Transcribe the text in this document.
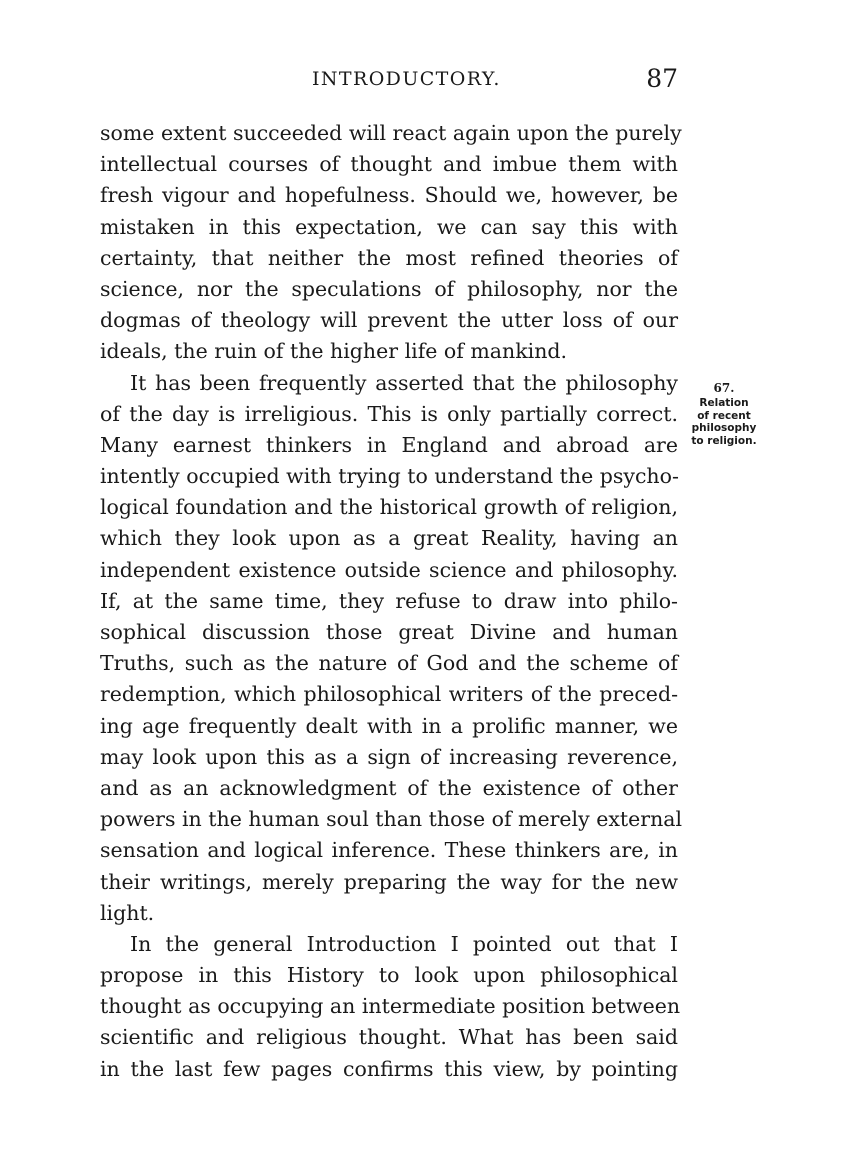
INTRODUCTORY.	87
some extent succeeded will react again upon the purely
intellectual courses of thought and imbue them with
fresh vigour and hopefulness. Should we, however, be
mistaken in this expectation, we can say this with
certainty, that neither the most refined theories of
science, nor the speculations of philosophy, nor the
dogmas of theology will prevent the utter loss of our
ideals, the ruin of the higher life of mankind.
It has been frequently asserted that the philosophy
of the day is irreligious. This is only partially correct.
Many earnest thinkers in England and abroad are
intently occupied with trying to understand the psycho-
logical foundation and the historical growth of religion,
which they look upon as a great Reality, having an
independent existence outside science and philosophy.
If, at the same time, they refuse to draw into philo-
sophical discussion those great Divine and human
Truths, such as the nature of God and the scheme of
redemption, which philosophical writers of the preced-
ing age frequently dealt with in a prolific manner, we
may look upon this as a sign of increasing reverence,
and as an acknowledgment of the existence of other
powers in the human soul than those of merely external
sensation and logical inference. These thinkers are, in
their writings, merely preparing the way for the new
light.
In the general Introduction I pointed out that I
propose in this History to look upon philosophical
thought as occupying an intermediate position between
scientific and religious thought. What has been said
in the last few pages confirms this view, by pointing
67.
Relation
of recent
philosophy
to religion.
